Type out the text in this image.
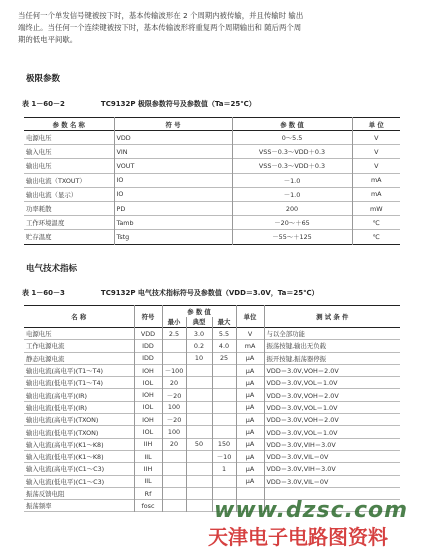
当任何一个单发信号键被按下时，基本传输波形在 2 个周期内被传输，并且传输时 输出

端终止。当任何一个连续键被按下时，基本传输波形将重复两个周期输出和 随后两个周

期的低电平间歇。

极限参数
表 1－60－2	TC9132P 极限参数符号及参数值（Ta＝25℃）
参 数 名 称	符 号	参 数 值	单 位
电源电压	VDD	0～5.5	V
输入电压	VIN	VSS－0.3～VDD＋0.3	V
输出电压	VOUT	VSS－0.3～VDD＋0.3	V
输出电流（TXOUT）	IO	－1.0	mA
输出电流（显示）	IO	－1.0	mA
功率耗散	PD	200	mW
工作环境温度	Tamb	－20～＋65	℃
贮存温度	Tstg	－55～＋125	℃
电气技术指标
表 1－60－3	TC9132P 电气技术指标符号及参数值（VDD＝3.0V，Ta＝25℃）
名 称	符号	参 数 值			单位	测 试 条 件
		最小	典型	最大		
电源电压	VDD	2.5	3.0	5.5	V	与以全部功能
工作电源电流	IDD		0.2	4.0	mA	振荡按键,输出无负载
静态电源电流	IDD		10	25	μA	振开按键,振荡器停振
输出电流(高电平)(T1～T4)	IOH	－100			μA	VDD＝3.0V,VOH＝2.0V
输出电流(低电平)(T1～T4)	IOL	20			μA	VDD＝3.0V,VOL＝1.0V
输出电流(高电平)(IR)	IOH	－20			μA	VDD＝3.0V,VOH＝2.0V
输出电流(低电平)(IR)	IOL	100			μA	VDD＝3.0V,VOL＝1.0V
输出电流(高电平)(TXON)	IOH	－20			μA	VDD＝3.0V,VOH＝2.0V
输出电流(低电平)(TXON)	IOL	100			μA	VDD＝3.0V,VOL＝1.0V
输入电流(高电平)(K1～K8)	IIH	20	50	150	μA	VDD＝3.0V,VIH＝3.0V
输入电流(低电平)(K1～K8)	IIL			－10	μA	VDD＝3.0V,VIL＝0V
输入电流(高电平)(C1～C3)	IIH			1	μA	VDD＝3.0V,VIH＝3.0V
输入电流(低电平)(C1～C3)	IIL				μA	VDD＝3.0V,VIL＝0V
振荡反馈电阻	Rf					
振荡频率	fosc						www.dzsc.com
天津电子电路图资料
